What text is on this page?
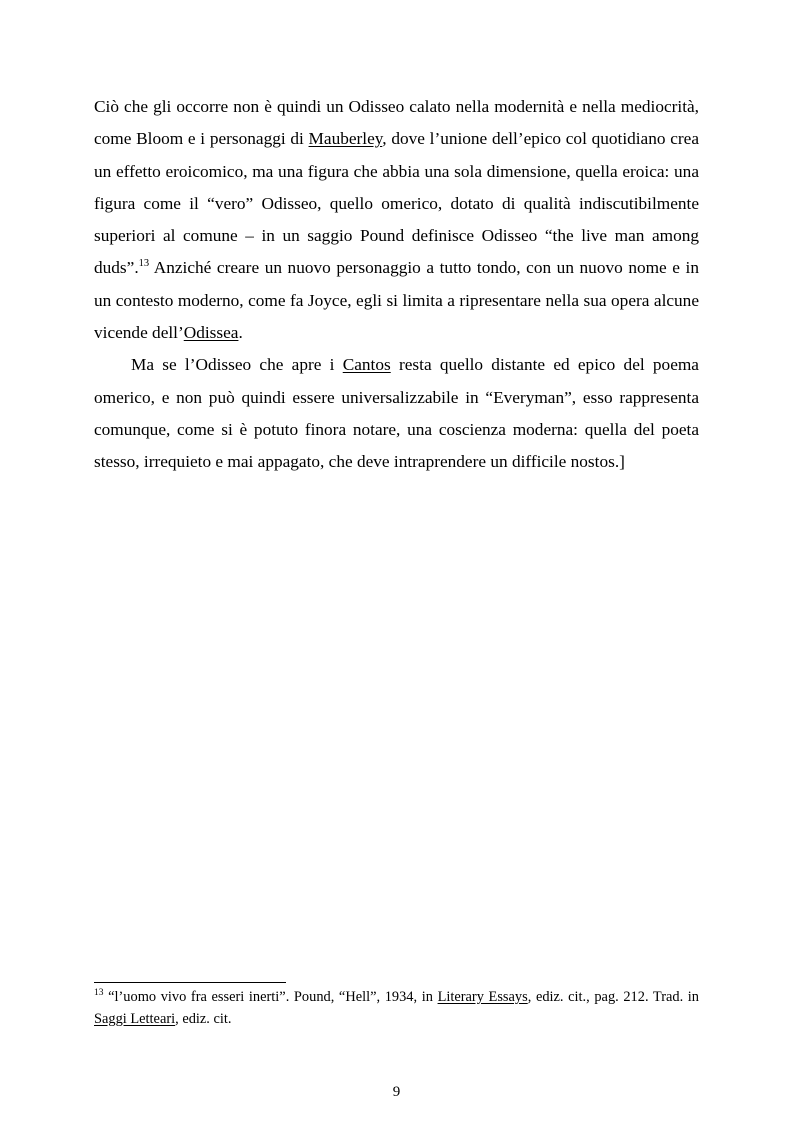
Ciò che gli occorre non è quindi un Odisseo calato nella modernità e nella mediocrità, come Bloom e i personaggi di Mauberley, dove l’unione dell’epico col quotidiano crea un effetto eroicomico, ma una figura che abbia una sola dimensione, quella eroica: una figura come il “vero” Odisseo, quello omerico, dotato di qualità indiscutibilmente superiori al comune – in un saggio Pound definisce Odisseo “the live man among duds”.$^{13}$ Anziché creare un nuovo personaggio a tutto tondo, con un nuovo nome e in un contesto moderno, come fa Joyce, egli si limita a ripresentare nella sua opera alcune vicende dell’Odissea.

Ma se l’Odisseo che apre i Cantos resta quello distante ed epico del poema omerico, e non può quindi essere universalizzabile in “Everyman”, esso rappresenta comunque, come si è potuto finora notare, una coscienza moderna: quella del poeta stesso, irrequieto e mai appagato, che deve intraprendere un difficile nostos.]

$^{13}$ “l’uomo vivo fra esseri inerti”. Pound, “Hell”, 1934, in Literary Essays, ediz. cit., pag. 212. Trad. in Saggi Letteari, ediz. cit.
9
